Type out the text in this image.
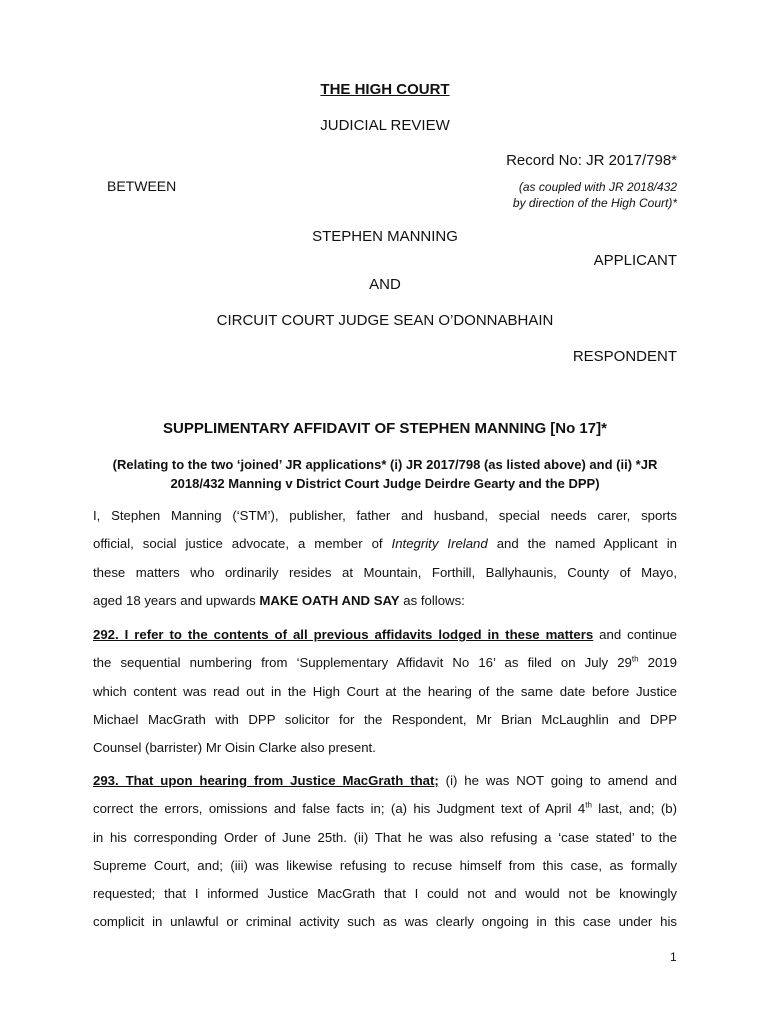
THE HIGH COURT
JUDICIAL REVIEW
Record No: JR 2017/798*
BETWEEN	(as coupled with JR 2018/432
by direction of the High Court)*
STEPHEN MANNING
APPLICANT
AND
CIRCUIT COURT JUDGE SEAN O’DONNABHAIN
RESPONDENT
SUPPLIMENTARY AFFIDAVIT OF STEPHEN MANNING [No 17]*
(Relating to the two ‘joined’ JR applications* (i) JR 2017/798 (as listed above) and (ii) *JR
2018/432 Manning v District Court Judge Deirdre Gearty and the DPP)
I, Stephen Manning (‘STM’), publisher, father and husband, special needs carer, sports
official, social justice advocate, a member of Integrity Ireland and the named Applicant in
these matters who ordinarily resides at Mountain, Forthill, Ballyhaunis, County of Mayo,
aged 18 years and upwards MAKE OATH AND SAY as follows:
292. I refer to the contents of all previous affidavits lodged in these matters and continue
the sequential numbering from ‘Supplementary Affidavit No 16’ as filed on July 29th 2019
which content was read out in the High Court at the hearing of the same date before Justice
Michael MacGrath with DPP solicitor for the Respondent, Mr Brian McLaughlin and DPP
Counsel (barrister) Mr Oisin Clarke also present.
293. That upon hearing from Justice MacGrath that; (i) he was NOT going to amend and
correct the errors, omissions and false facts in; (a) his Judgment text of April 4th last, and; (b)
in his corresponding Order of June 25th. (ii) That he was also refusing a ‘case stated’ to the
Supreme Court, and; (iii) was likewise refusing to recuse himself from this case, as formally
requested; that I informed Justice MacGrath that I could not and would not be knowingly
complicit in unlawful or criminal activity such as was clearly ongoing in this case under his
1
